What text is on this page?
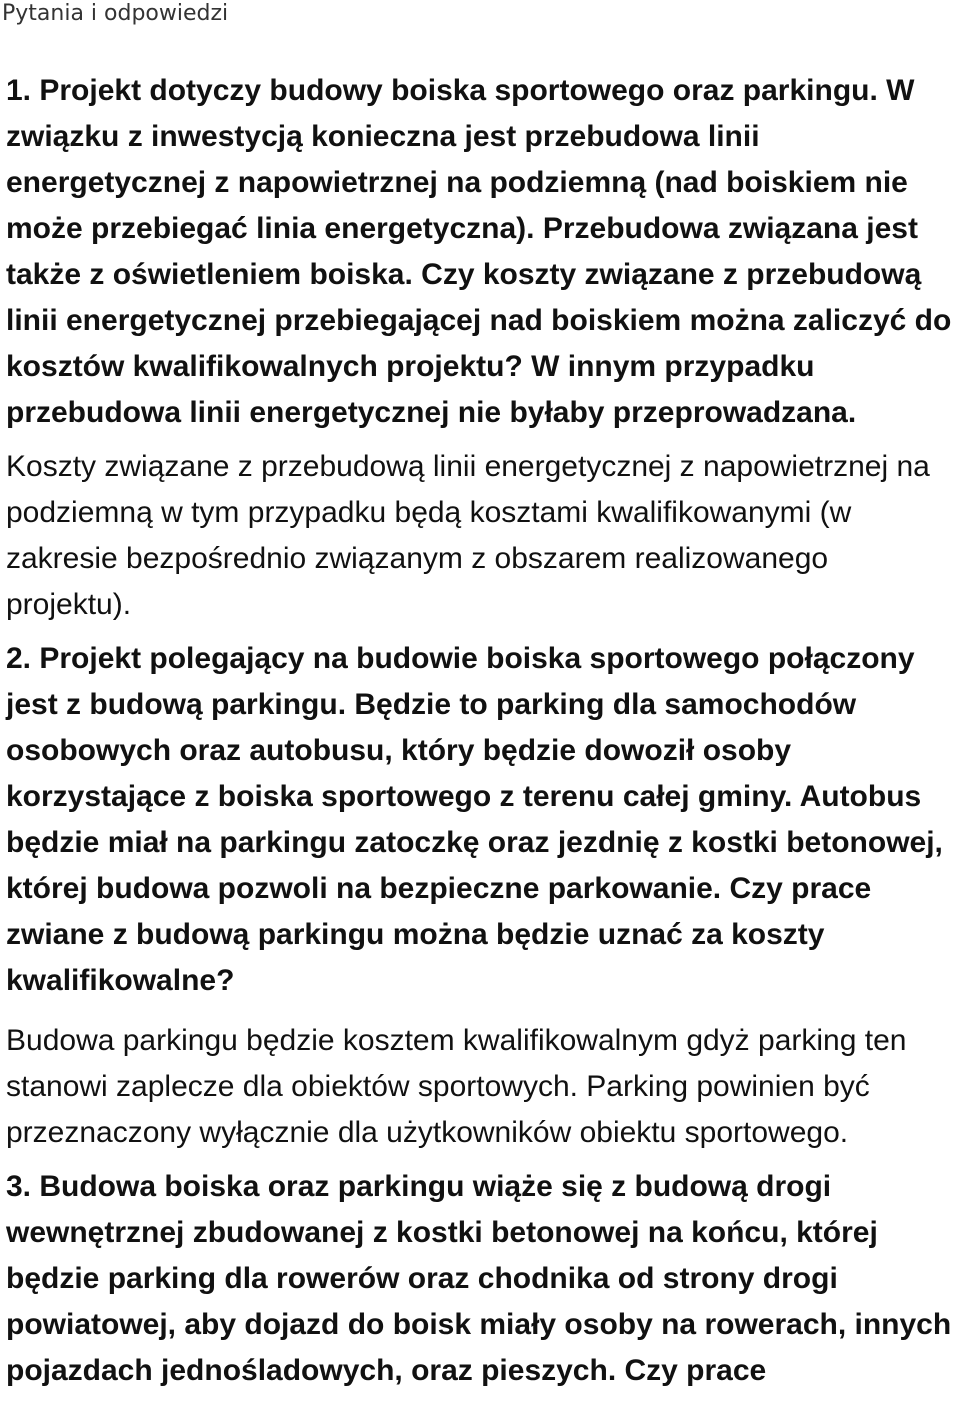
Pytania i odpowiedzi

1. Projekt dotyczy budowy boiska sportowego oraz parkingu. W związku z inwestycją konieczna jest przebudowa linii energetycznej z napowietrznej na podziemną (nad boiskiem nie może przebiegać linia energetyczna). Przebudowa związana jest także z oświetleniem boiska. Czy koszty związane z przebudową linii energetycznej przebiegającej nad boiskiem można zaliczyć do kosztów kwalifikowalnych projektu? W innym przypadku przebudowa linii energetycznej nie byłaby przeprowadzana.

Koszty związane z przebudową linii energetycznej z napowietrznej na podziemną w tym przypadku będą kosztami kwalifikowanymi (w zakresie bezpośrednio związanym z obszarem realizowanego projektu).

2. Projekt polegający na budowie boiska sportowego połączony jest z budową parkingu. Będzie to parking dla samochodów osobowych oraz autobusu, który będzie dowoził osoby korzystające z boiska sportowego z terenu całej gminy. Autobus będzie miał na parkingu zatoczkę oraz jezdnię z kostki betonowej, której budowa pozwoli na bezpieczne parkowanie. Czy prace zwiane z budową parkingu można będzie uznać za koszty kwalifikowalne?

Budowa parkingu będzie kosztem kwalifikowalnym gdyż parking ten stanowi zaplecze dla obiektów sportowych. Parking powinien być przeznaczony wyłącznie dla użytkowników obiektu sportowego.

3. Budowa boiska oraz parkingu wiąże się z budową drogi wewnętrznej zbudowanej z kostki betonowej na końcu, której będzie parking dla rowerów oraz chodnika od strony drogi powiatowej, aby dojazd do boisk miały osoby na rowerach, innych pojazdach jednośladowych, oraz pieszych. Czy prace
